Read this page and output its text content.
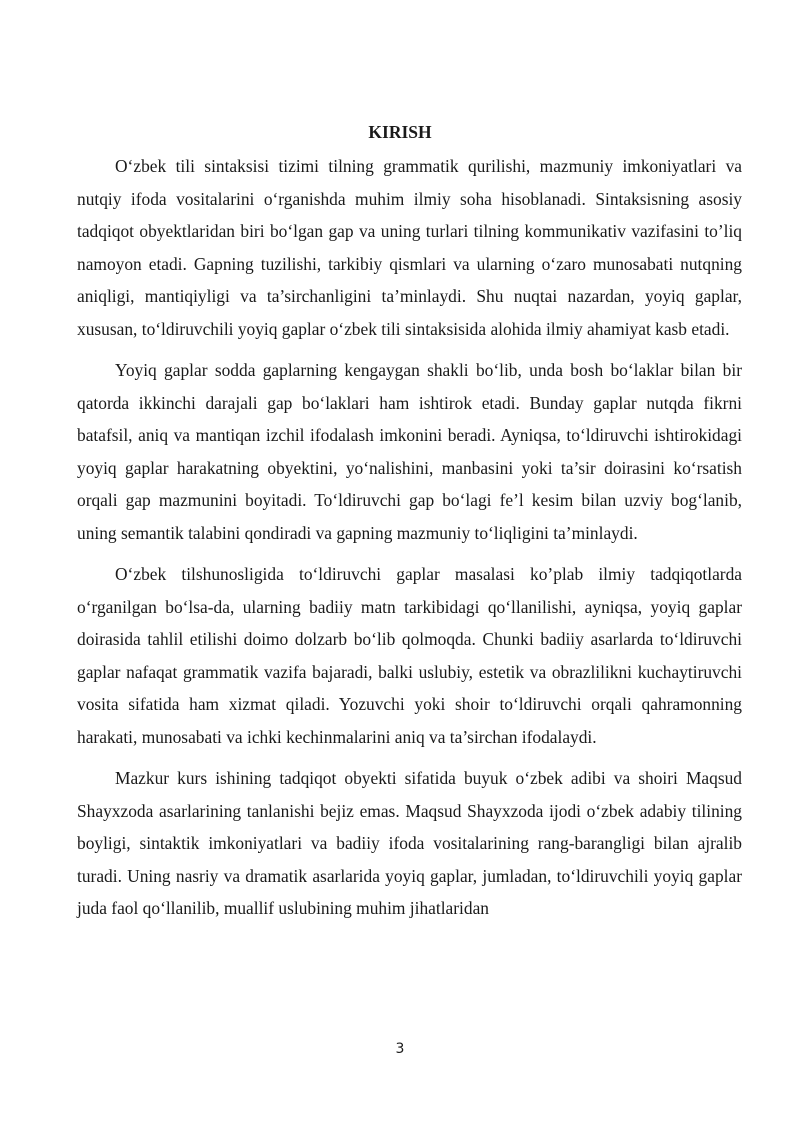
KIRISH

O‘zbek tili sintaksisi tizimi tilning grammatik qurilishi, mazmuniy imkoniyatlari va nutqiy ifoda vositalarini o‘rganishda muhim ilmiy soha hisoblanadi. Sintaksisning asosiy tadqiqot obyektlaridan biri bo‘lgan gap va uning turlari tilning kommunikativ vazifasini to’liq namoyon etadi. Gapning tuzilishi, tarkibiy qismlari va ularning o‘zaro munosabati nutqning aniqligi, mantiqiyligi va ta’sirchanligini ta’minlaydi. Shu nuqtai nazardan, yoyiq gaplar, xususan, to‘ldiruvchili yoyiq gaplar o‘zbek tili sintaksisida alohida ilmiy ahamiyat kasb etadi.

Yoyiq gaplar sodda gaplarning kengaygan shakli bo‘lib, unda bosh bo‘laklar bilan bir qatorda ikkinchi darajali gap bo‘laklari ham ishtirok etadi. Bunday gaplar nutqda fikrni batafsil, aniq va mantiqan izchil ifodalash imkonini beradi. Ayniqsa, to‘ldiruvchi ishtirokidagi yoyiq gaplar harakatning obyektini, yo‘nalishini, manbasini yoki ta’sir doirasini ko‘rsatish orqali gap mazmunini boyitadi. To‘ldiruvchi gap bo‘lagi fe’l kesim bilan uzviy bog‘lanib, uning semantik talabini qondiradi va gapning mazmuniy to‘liqligini ta’minlaydi.

O‘zbek tilshunosligida to‘ldiruvchi gaplar masalasi ko’plab ilmiy tadqiqotlarda o‘rganilgan bo‘lsa-da, ularning badiiy matn tarkibidagi qo‘llanilishi, ayniqsa, yoyiq gaplar doirasida tahlil etilishi doimo dolzarb bo‘lib qolmoqda. Chunki badiiy asarlarda to‘ldiruvchi gaplar nafaqat grammatik vazifa bajaradi, balki uslubiy, estetik va obrazlilikni kuchaytiruvchi vosita sifatida ham xizmat qiladi. Yozuvchi yoki shoir to‘ldiruvchi orqali qahramonning harakati, munosabati va ichki kechinmalarini aniq va ta’sirchan ifodalaydi.

Mazkur kurs ishining tadqiqot obyekti sifatida buyuk o‘zbek adibi va shoiri Maqsud Shayxzoda asarlarining tanlanishi bejiz emas. Maqsud Shayxzoda ijodi o‘zbek adabiy tilining boyligi, sintaktik imkoniyatlari va badiiy ifoda vositalarining rang-barangligi bilan ajralib turadi. Uning nasriy va dramatik asarlarida yoyiq gaplar, jumladan, to‘ldiruvchili yoyiq gaplar juda faol qo‘llanilib, muallif uslubining muhim jihatlaridan

3
